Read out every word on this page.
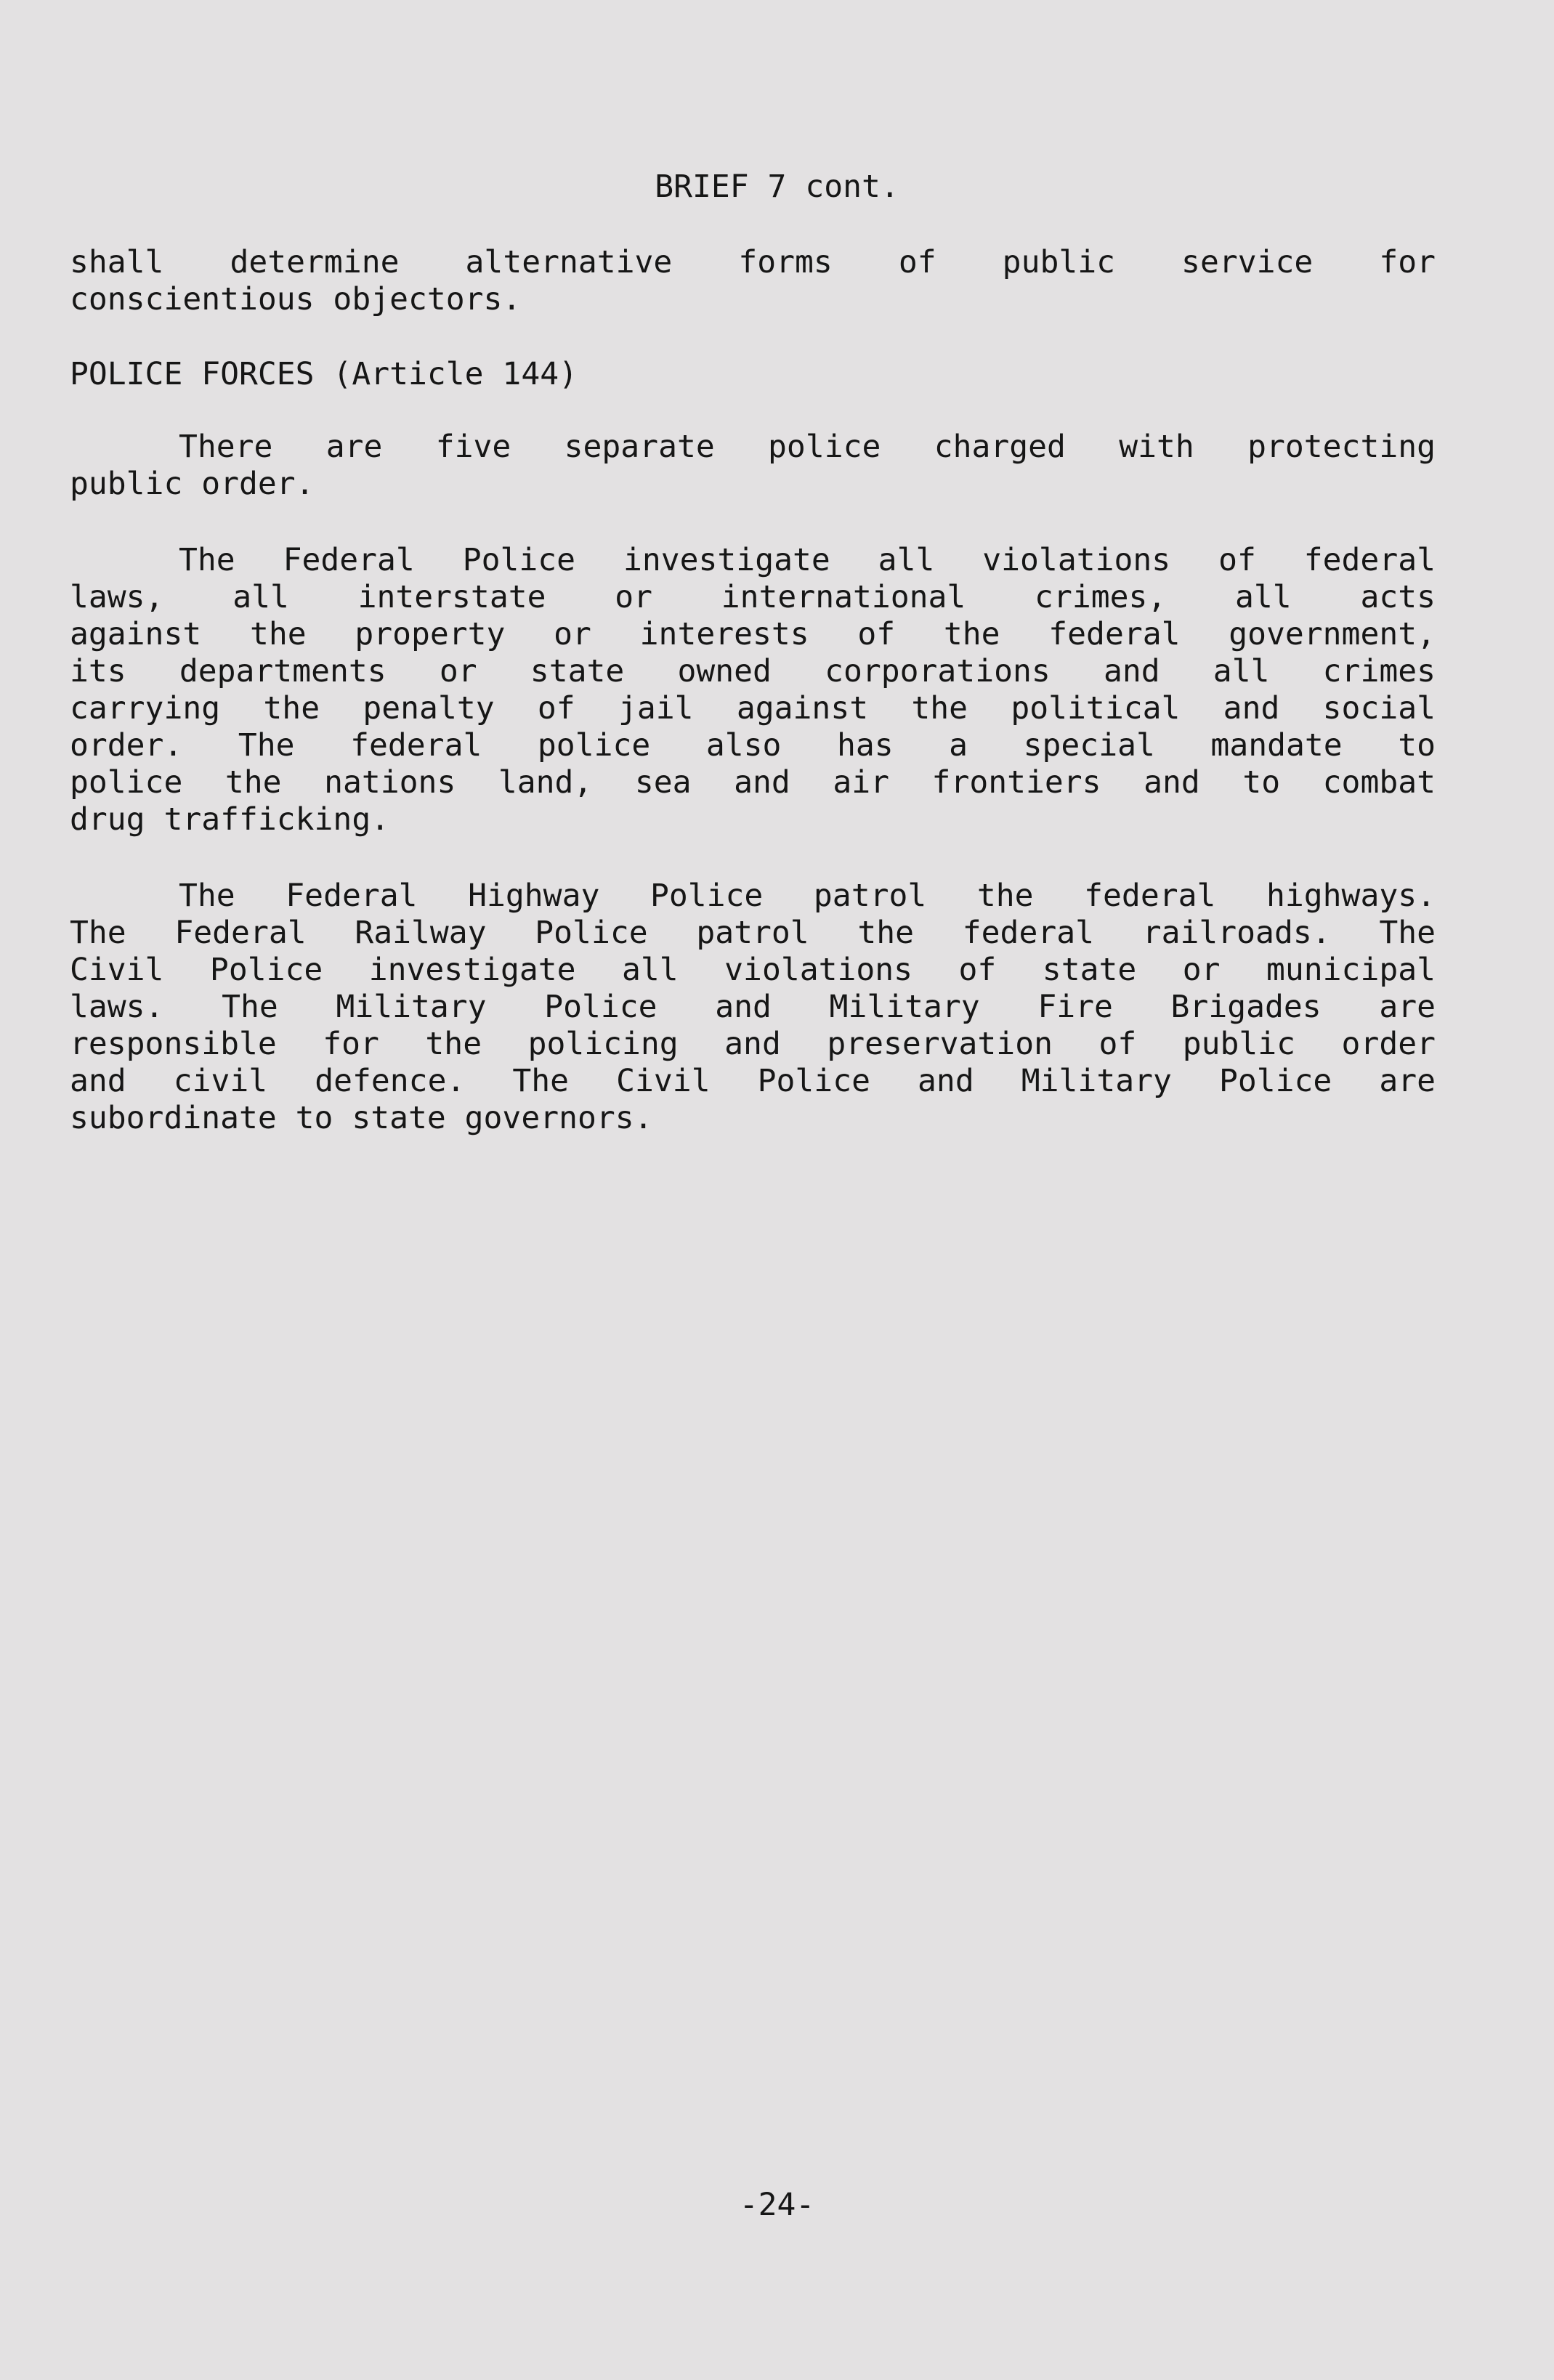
BRIEF 7 cont.
shall determine alternative forms of public service for
conscientious objectors.
POLICE FORCES (Article 144)
There are five separate police charged with protecting
public order.
The Federal Police investigate all violations of federal
laws, all interstate or international crimes, all acts
against the property or interests of the federal government,
its departments or state owned corporations and all crimes
carrying the penalty of jail against the political and social
order. The federal police also has a special mandate to
police the nations land, sea and air frontiers and to combat
drug trafficking.
The Federal Highway Police patrol the federal highways.
The Federal Railway Police patrol the federal railroads. The
Civil Police investigate all violations of state or municipal
laws. The Military Police and Military Fire Brigades are
responsible for the policing and preservation of public order
and civil defence. The Civil Police and Military Police are
subordinate to state governors.
-24-
